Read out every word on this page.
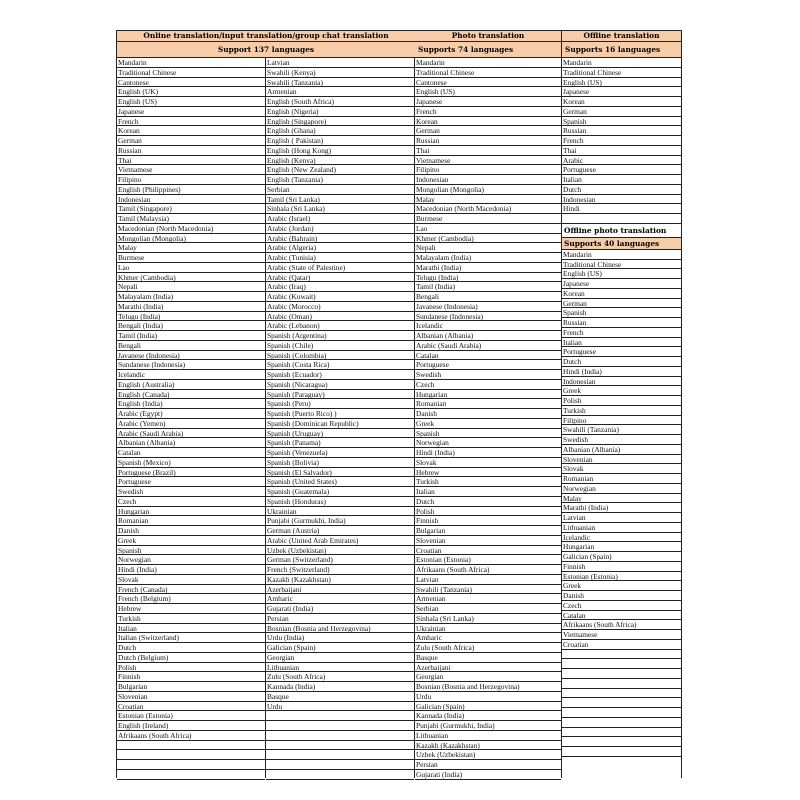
Online translation/input translation/group chat translation
Support 137 languages
Mandarin
Traditional Chinese
Cantonese
English (UK)
English (US)
Japanese
French
Korean
German
Russian
Thai
Vietnamese
Filipino
English (Philippines)
Indonesian
Tamil (Singapore)
Tamil (Malaysia)
Macedonian (North Macedonia)
Mongolian (Mongolia)
Malay
Burmese
Lao
Khmer (Cambodia)
Nepali
Malayalam (India)
Marathi (India)
Telugu (India)
Bengali (India)
Tamil (India)
Bengali
Javanese (Indonesia)
Sundanese (Indonesia)
Icelandic
English (Australia)
English (Canada)
English (India)
Arabic (Egypt)
Arabic (Yemen)
Arabic (Saudi Arabia)
Albanian (Albania)
Catalan
Spanish (Mexico)
Portuguese (Brazil)
Portuguese
Swedish
Czech
Hungarian
Romanian
Danish
Greek
Spanish
Norwegian
Hindi (India)
Slovak
French (Canada)
French (Belgium)
Hebrew
Turkish
Italian
Italian (Switzerland)
Dutch
Dutch (Belgium)
Polish
Finnish
Bulgarian
Slovenian
Croatian
Estonian (Estonia)
English (Ireland)
Afrikaans (South Africa)
Latvian
Swahili (Kenya)
Swahili (Tanzania)
Armenian
English (South Africa)
English (Nigeria)
English (Singapore)
English (Ghana)
English ( Pakistan)
English (Hong Kong)
English (Kenya)
English (New Zealand)
English (Tanzania)
Serbian
Tamil (Sri Lanka)
Sinhala (Sri Lanka)
Arabic (Israel)
Arabic (Jordan)
Arabic (Bahrain)
Arabic (Algeria)
Arabic (Tunisia)
Arabic (State of Palestine)
Arabic (Qatar)
Arabic (Iraq)
Arabic (Kuwait)
Arabic (Morocco)
Arabic (Oman)
Arabic (Lebanon)
Spanish (Argentina)
Spanish (Chile)
Spanish (Colombia)
Spanish (Costa Rica)
Spanish (Ecuador)
Spanish (Nicaragua)
Spanish (Paraguay)
Spanish (Peru)
Spanish (Puerto Rico) )
Spanish (Dominican Republic)
Spanish (Uruguay)
Spanish (Panama)
Spanish (Venezuela)
Spanish (Bolivia)
Spanish (El Salvador)
Spanish (United States)
Spanish (Guatemala)
Spanish (Honduras)
Ukrainian
Punjabi (Gurmukhi, India)
German (Austria)
Arabic (United Arab Emirates)
Uzbek (Uzbekistan)
German (Switzerland)
French (Switzerland)
Kazakh (Kazakhstan)
Azerbaijani
Amharic
Gujarati (India)
Persian
Bosnian (Bosnia and Herzegovina)
Urdu (India)
Galician (Spain)
Georgian
Lithuanian
Zulu (South Africa)
Kannada (India)
Basque
Urdu
Photo translation
Supports 74 languages
Mandarin
Traditional Chinese
Cantonese
English (US)
Japanese
French
Korean
German
Russian
Thai
Vietnamese
Filipino
Indonesian
Mongolian (Mongolia)
Malay
Macedonian (North Macedonia)
Burmese
Lao
Khmer (Cambodia)
Nepali
Malayalam (India)
Marathi (India)
Telugu (India)
Tamil (India)
Bengali
Javanese (Indonesia)
Sundanese (Indonesia)
Icelandic
Albanian (Albania)
Arabic (Saudi Arabia)
Catalan
Portuguese
Swedish
Czech
Hungarian
Romanian
Danish
Greek
Spanish
Norwegian
Hindi (India)
Slovak
Hebrew
Turkish
Italian
Dutch
Polish
Finnish
Bulgarian
Slovenian
Croatian
Estonian (Estonia)
Afrikaans (South Africa)
Latvian
Swahili (Tanzania)
Armenian
Serbian
Sinhala (Sri Lanka)
Ukrainian
Amharic
Zulu (South Africa)
Basque
Azerbaijani
Georgian
Bosnian (Bosnia and Herzegovina)
Urdu
Galician (Spain)
Kannada (India)
Punjabi (Gurmukhi, India)
Lithuanian
Kazakh (Kazakhstan)
Uzbek (Uzbekistan)
Persian
Gujarati (India)
Offline translation
Supports 16 languages
Mandarin
Traditional Chinese
English (US)
Japanese
Korean
German
Spanish
Russian
French
Thai
Arabic
Portuguese
Italian
Dutch
Indonesian
Hindi
Offline photo translation
Supports 40 languages
Mandarin
Traditional Chinese
English (US)
Japanese
Korean
German
Spanish
Russian
French
Italian
Portuguese
Dutch
Hindi (India)
Indonesian
Greek
Polish
Turkish
Filipino
Swahili (Tanzania)
Swedish
Albanian (Albania)
Slovenian
Slovak
Romanian
Norwegian
Malay
Marathi (India)
Latvian
Lithuanian
Icelandic
Hungarian
Galician (Spain)
Finnish
Estonian (Estonia)
Greek
Danish
Czech
Catalan
Afrikaans (South Africa)
Vietnamese
Croatian
